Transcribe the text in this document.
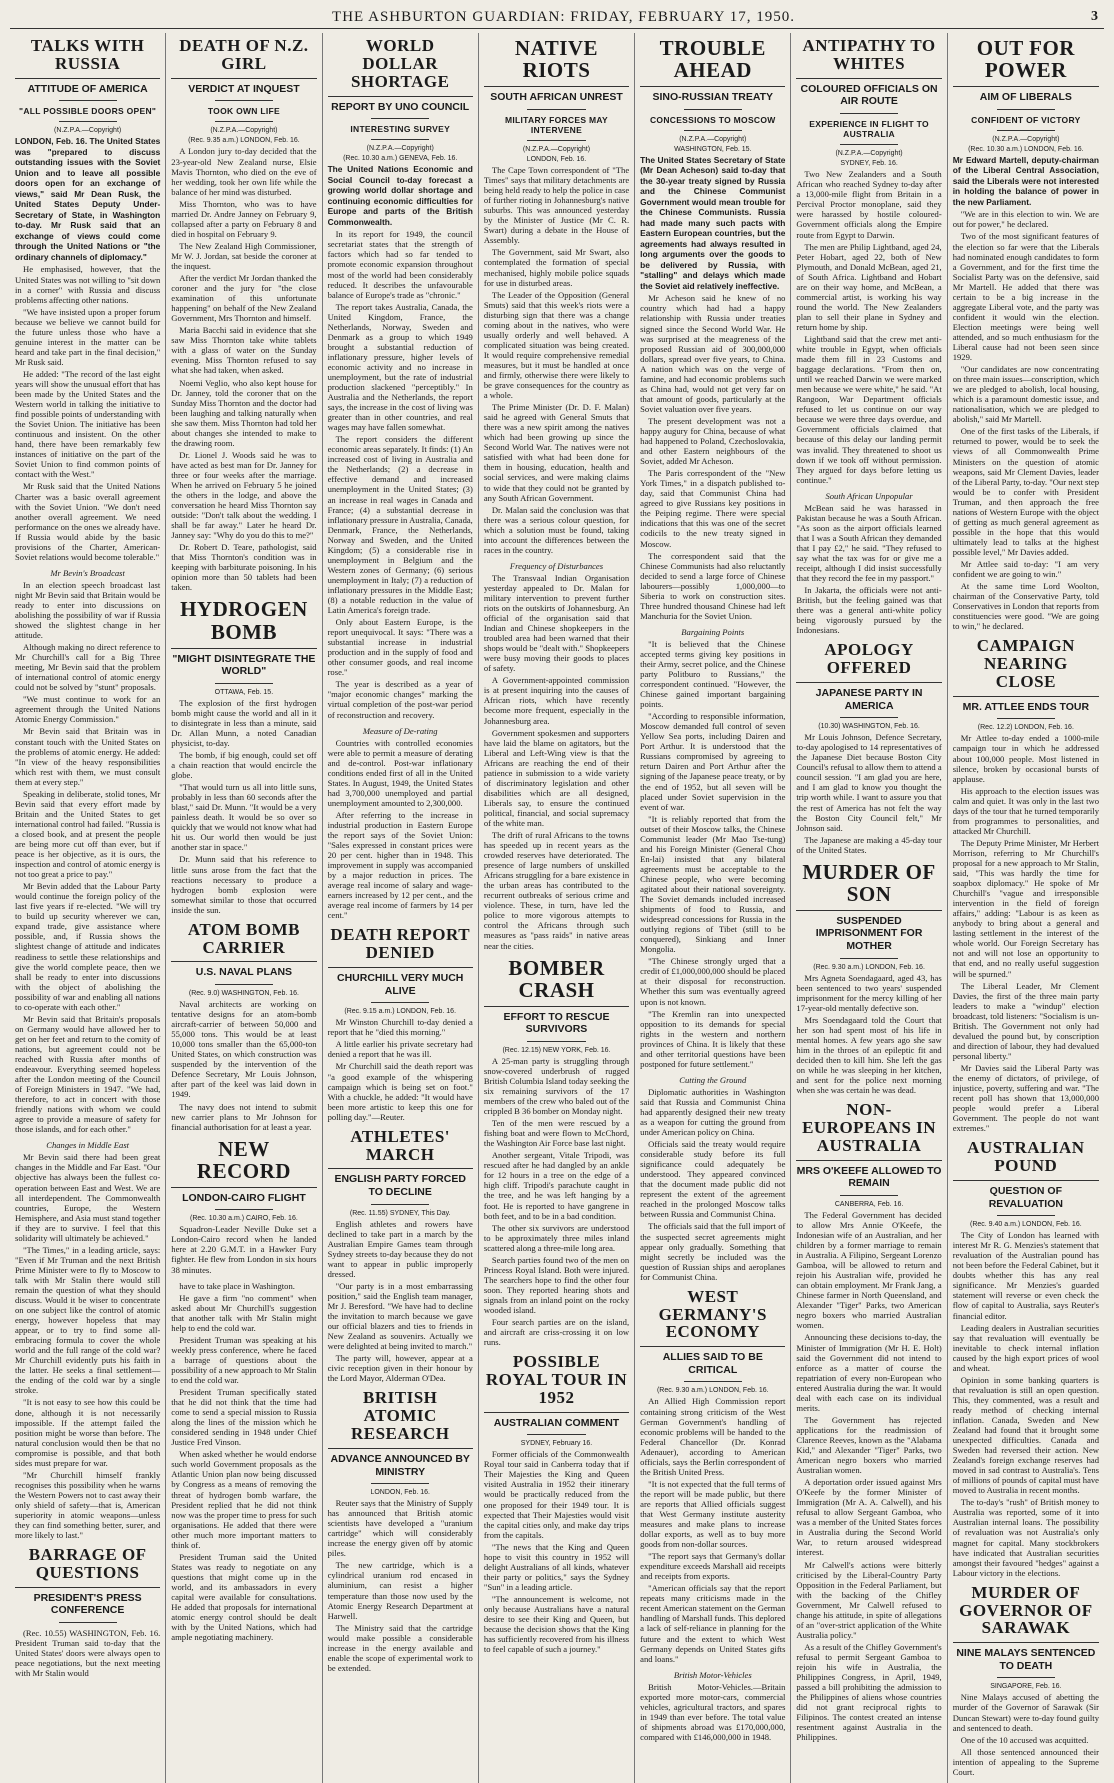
THE ASHBURTON GUARDIAN: FRIDAY, FEBRUARY 17, 1950.	3
TALKS WITH RUSSIA
ATTITUDE OF AMERICA
"ALL POSSIBLE DOORS OPEN"
(N.Z.P.A.—Copyright)

LONDON, Feb. 16. The United States was "prepared to discuss outstanding issues with the Soviet Union and to leave all possible doors open for an exchange of views," said Mr Dean Rusk, the United States Deputy Under-Secretary of State, in Washington to-day. Mr Rusk said that an exchange of views could come through the United Nations or "the ordinary channels of diplomacy."

He emphasised, however, that the United States was not willing to "sit down in a corner" with Russia and discuss problems affecting other nations.

"We have insisted upon a proper forum because we believe we cannot build for the future unless those who have a genuine interest in the matter can be heard and take part in the final decision," Mr Rusk said.

He added: "The record of the last eight years will show the unusual effort that has been made by the United States and the Western world in talking the initiative to find possible points of understanding with the Soviet Union. The initiative has been continuous and insistent. On the other hand, there have been remarkably few instances of initiative on the part of the Soviet Union to find common points of contact with the West."

Mr Rusk said that the United Nations Charter was a basic overall agreement with the Soviet Union. "We don't need another overall agreement. We need performance on the ones we already have. If Russia would abide by the basic provisions of the Charter, American-Soviet relations would become tolerable."

Mr Bevin's Broadcast

In an election speech broadcast last night Mr Bevin said that Britain would be ready to enter into discussions on abolishing the possibility of war if Russia showed the slightest change in her attitude.

Although making no direct reference to Mr Churchill's call for a Big Three meeting, Mr Bevin said that the problem of international control of atomic energy could not be solved by "stunt" proposals.

"We must continue to work for an agreement through the United Nations Atomic Energy Commission."

Mr Bevin said that Britain was in constant touch with the United States on the problems of atomic energy. He added: "In view of the heavy responsibilities which rest with them, we must consult them at every step."

Speaking in deliberate, stolid tones, Mr Bevin said that every effort made by Britain and the United States to get international control had failed. "Russia is a closed book, and at present the people are being more cut off than ever, but if peace is her objective, as it is ours, the inspection and control of atomic energy is not too great a price to pay."

Mr Bevin added that the Labour Party would continue the foreign policy of the last five years if re-elected. "We will try to build up security wherever we can, expand trade, give assistance where possible, and, if Russia shows the slightest change of attitude and indicates readiness to settle these relationships and give the world complete peace, then we shall be ready to enter into discussions with the object of abolishing the possibility of war and enabling all nations to co-operate with each other."

Mr Bevin said that Britain's proposals on Germany would have allowed her to get on her feet and return to the comity of nations, but agreement could not be reached with Russia after months of endeavour. Everything seemed hopeless after the London meeting of the Council of Foreign Ministers in 1947. "We had, therefore, to act in concert with those friendly nations with whom we could agree to provide a measure of safety for those islands, and for each other."

Changes in Middle East

Mr Bevin said there had been great changes in the Middle and Far East. "Our objective has always been the fullest co-operation between East and West. We are all interdependent. The Commonwealth countries, Europe, the Western Hemisphere, and Asia must stand together if they are to survive. I feel that this solidarity will ultimately be achieved."

"The Times," in a leading article, says: "Even if Mr Truman and the next British Prime Minister were to fly to Moscow to talk with Mr Stalin there would still remain the question of what they should discuss. Would it be wiser to concentrate on one subject like the control of atomic energy, however hopeless that may appear, or to try to find some all-embracing formula to cover the whole world and the full range of the cold war? Mr Churchill evidently puts his faith in the latter. He seeks a final settlement—the ending of the cold war by a single stroke.

"It is not easy to see how this could be done, although it is not necessarily impossible. If the attempt failed the position might be worse than before. The natural conclusion would then be that no compromise is possible, and that both sides must prepare for war.

"Mr Churchill himself frankly recognises this possibility when he warns the Western Powers not to cast away their only shield of safety—that is, American superiority in atomic weapons—unless they can find something better, surer, and more likely to last."

BARRAGE OF QUESTIONS
PRESIDENT'S PRESS CONFERENCE

(Rec. 10.55) WASHINGTON, Feb. 16. President Truman said to-day that the United States' doors were always open to peace negotiations, but the next meeting with Mr Stalin would

DEATH OF N.Z. GIRL
VERDICT AT INQUEST
TOOK OWN LIFE
(N.Z.P.A.—Copyright)
(Rec. 9.35 a.m.) LONDON, Feb. 16.

A London jury to-day decided that the 23-year-old New Zealand nurse, Elsie Mavis Thornton, who died on the eve of her wedding, took her own life while the balance of her mind was disturbed.

Miss Thornton, who was to have married Dr. Andre Janney on February 9, collapsed after a party on February 8 and died in hospital on February 9.

The New Zealand High Commissioner, Mr W. J. Jordan, sat beside the coroner at the inquest.

After the verdict Mr Jordan thanked the coroner and the jury for "the close examination of this unfortunate happening" on behalf of the New Zealand Government, Mrs Thornton and himself.

Maria Bacchi said in evidence that she saw Miss Thornton take white tablets with a glass of water on the Sunday evening. Miss Thornton refused to say what she had taken, when asked.

Noemi Veglio, who also kept house for Dr. Janney, told the coroner that on the Sunday Miss Thornton and the doctor had been laughing and talking naturally when she saw them. Miss Thornton had told her about changes she intended to make to the drawing room.

Dr. Lionel J. Woods said he was to have acted as best man for Dr. Janney for three or four weeks after the marriage. When he arrived on February 5 he joined the others in the lodge, and above the conversation he heard Miss Thornton say outside: "Don't talk about the wedding. I shall be far away." Later he heard Dr. Janney say: "Why do you do this to me?"

Dr. Robert D. Teare, pathologist, said that Miss Thornton's condition was in keeping with barbiturate poisoning. In his opinion more than 50 tablets had been taken.

HYDROGEN BOMB
"MIGHT DISINTEGRATE THE WORLD"
OTTAWA, Feb. 15.

The explosion of the first hydrogen bomb might cause the world and all in it to disintegrate in less than a minute, said Dr. Allan Munn, a noted Canadian physicist, to-day.

The bomb, if big enough, could set off a chain reaction that would encircle the globe.

"That would turn us all into little suns, probably in less than 60 seconds after the blast," said Dr. Munn. "It would be a very painless death. It would be so over so quickly that we would not know what had hit us. Our world then would be just another star in space."

Dr. Munn said that his reference to little suns arose from the fact that the reactions necessary to produce a hydrogen bomb explosion were somewhat similar to those that occurred inside the sun.

ATOM BOMB CARRIER
U.S. NAVAL PLANS
(Rec. 9.0) WASHINGTON, Feb. 16.

Naval architects are working on tentative designs for an atom-bomb aircraft-carrier of between 50,000 and 55,000 tons. This would be at least 10,000 tons smaller than the 65,000-ton United States, on which construction was suspended by the intervention of the Defence Secretary, Mr Louis Johnson, after part of the keel was laid down in 1949.

The navy does not intend to submit new carrier plans to Mr Johnson for financial authorisation for at least a year.

NEW RECORD
LONDON-CAIRO FLIGHT
(Rec. 10.30 a.m.) CAIRO, Feb. 16.

Squadron-Leader Neville Duke set a London-Cairo record when he landed here at 2.20 G.M.T. in a Hawker Fury fighter. He flew from London in six hours 38 minutes.

have to take place in Washington.

He gave a firm "no comment" when asked about Mr Churchill's suggestion that another talk with Mr Stalin might help to end the cold war.

President Truman was speaking at his weekly press conference, where he faced a barrage of questions about the possibility of a new approach to Mr Stalin to end the cold war.

President Truman specifically stated that he did not think that the time had come to send a special mission to Russia along the lines of the mission which he considered sending in 1948 under Chief Justice Fred Vinson.

When asked whether he would endorse such world Government proposals as the Atlantic Union plan now being discussed by Congress as a means of removing the threat of hydrogen bomb warfare, the President replied that he did not think now was the proper time to press for such organisations. He added that there were other much more important matters to think of.

President Truman said the United States was ready to negotiate on any questions that might come up in the world, and its ambassadors in every capital were available for consultations. He added that proposals for international atomic energy control should be dealt with by the United Nations, which had ample negotiating machinery.

WORLD DOLLAR SHORTAGE
REPORT BY UNO COUNCIL
INTERESTING SURVEY
(N.Z.P.A.—Copyright)
(Rec. 10.30 a.m.) GENEVA, Feb. 16.

The United Nations Economic and Social Council to-day forecast a growing world dollar shortage and continuing economic difficulties for Europe and parts of the British Commonwealth.

In its report for 1949, the council secretariat states that the strength of factors which had so far tended to promote economic expansion throughout most of the world had been considerably reduced. It describes the unfavourable balance of Europe's trade as "chronic."

The report takes Australia, Canada, the United Kingdom, France, the Netherlands, Norway, Sweden and Denmark as a group to which 1949 brought a substantial reduction of inflationary pressure, higher levels of economic activity and no increase in unemployment, but the rate of industrial production slackened "perceptibly." In Australia and the Netherlands, the report says, the increase in the cost of living was greater than in other countries, and real wages may have fallen somewhat.

The report considers the different economic areas separately. It finds: (1) An increased cost of living in Australia and the Netherlands; (2) a decrease in effective demand and increased unemployment in the United States; (3) an increase in real wages in Canada and France; (4) a substantial decrease in inflationary pressure in Australia, Canada, Denmark, France, the Netherlands, Norway and Sweden, and the United Kingdom; (5) a considerable rise in unemployment in Belgium and the Western zones of Germany; (6) serious unemployment in Italy; (7) a reduction of inflationary pressures in the Middle East; (8) a notable reduction in the value of Latin America's foreign trade.

Only about Eastern Europe, is the report unequivocal. It says: "There was a substantial increase in industrial production and in the supply of food and other consumer goods, and real income rose."

The year is described as a year of "major economic changes" marking the virtual completion of the post-war period of reconstruction and recovery.

Measure of De-rating

Countries with controlled economies were able to permit a measure of derating and de-control. Post-war inflationary conditions ended first of all in the United States. In August, 1949, the United States had 3,700,000 unemployed and partial unemployment amounted to 2,300,000.

After referring to the increase in industrial production in Eastern Europe the report says of the Soviet Union: "Sales expressed in constant prices were 20 per cent. higher than in 1948. This improvement in supply was accompanied by a major reduction in prices. The average real income of salary and wage-earners increased by 12 per cent., and the average real income of farmers by 14 per cent."

DEATH REPORT DENIED
CHURCHILL VERY MUCH ALIVE
(Rec. 9.15 a.m.) LONDON, Feb. 16.

Mr Winston Churchill to-day denied a report that he "died this morning."

A little earlier his private secretary had denied a report that he was ill.

Mr Churchill said the death report was "a good example of the whispering campaign which is being set on foot." With a chuckle, he added: "It would have been more artistic to keep this one for polling day."—Reuter.

ATHLETES' MARCH
ENGLISH PARTY FORCED TO DECLINE
(Rec. 11.55) SYDNEY, This Day.

English athletes and rowers have declined to take part in a march by the Australian Empire Games team through Sydney streets to-day because they do not want to appear in public improperly dressed.

"Our party is in a most embarrassing position," said the English team manager, Mr J. Beresford. "We have had to decline the invitation to march because we gave our official blazers and ties to friends in New Zealand as souvenirs. Actually we were delighted at being invited to march."

The party will, however, appear at a civic reception given in their honour by the Lord Mayor, Alderman O'Dea.

BRITISH ATOMIC RESEARCH
ADVANCE ANNOUNCED BY MINISTRY
LONDON, Feb. 16.

Reuter says that the Ministry of Supply has announced that British atomic scientists have developed a "uranium cartridge" which will considerably increase the energy given off by atomic piles.

The new cartridge, which is a cylindrical uranium rod encased in aluminium, can resist a higher temperature than those now used by the Atomic Energy Research Department at Harwell.

The Ministry said that the cartridge would make possible a considerable increase in the energy available and enable the scope of experimental work to be extended.

NATIVE RIOTS
SOUTH AFRICAN UNREST
MILITARY FORCES MAY INTERVENE
(N.Z.P.A.—Copyright)
LONDON, Feb. 16.

The Cape Town correspondent of "The Times" says that military detachments are being held ready to help the police in case of further rioting in Johannesburg's native suburbs. This was announced yesterday by the Minister of Justice (Mr C. R. Swart) during a debate in the House of Assembly.

The Government, said Mr Swart, also contemplated the formation of special mechanised, highly mobile police squads for use in disturbed areas.

The Leader of the Opposition (General Smuts) said that this week's riots were a disturbing sign that there was a change coming about in the natives, who were usually orderly and well behaved. A complicated situation was being created. It would require comprehensive remedial measures, but it must be handled at once and firmly, otherwise there were likely to be grave consequences for the country as a whole.

The Prime Minister (Dr. D. F. Malan) said he agreed with General Smuts that there was a new spirit among the natives which had been growing up since the Second World War. The natives were not satisfied with what had been done for them in housing, education, health and social services, and were making claims to wide that they could not be granted by any South African Government.

Dr. Malan said the conclusion was that there was a serious colour question, for which a solution must be found, taking into account the differences between the races in the country.

Frequency of Disturbances

The Transvaal Indian Organisation yesterday appealed to Dr. Malan for military intervention to prevent further riots on the outskirts of Johannesburg. An official of the organisation said that Indian and Chinese shopkeepers in the troubled area had been warned that their shops would be "dealt with." Shopkeepers were busy moving their goods to places of safety.

A Government-appointed commission is at present inquiring into the causes of African riots, which have recently become more frequent, especially in the Johannesburg area.

Government spokesmen and supporters have laid the blame on agitators, but the Liberal and Left-Wing view is that the Africans are reaching the end of their patience in submission to a wide variety of discriminatory legislation and other disabilities which are all designed, Liberals say, to ensure the continued political, financial, and social supremacy of the white man.

The drift of rural Africans to the towns has speeded up in recent years as the crowded reserves have deteriorated. The presence of large numbers of unskilled Africans struggling for a bare existence in the urban areas has contributed to the recurrent outbreaks of serious crime and violence. These, in turn, have led the police to more vigorous attempts to control the Africans through such measures as "pass raids" in native areas near the cities.

BOMBER CRASH
EFFORT TO RESCUE SURVIVORS
(Rec. 12.15) NEW YORK, Feb. 16.

A 25-man party is struggling through snow-covered underbrush of rugged British Columbia Island today seeking the six remaining survivors of the 17 members of the crew who baled out of the crippled B 36 bomber on Monday night.

Ten of the men were rescued by a fishing boat and were flown to McChord, the Washington Air Force base last night.

Another sergeant, Vitale Tripodi, was rescued after he had dangled by an ankle for 12 hours in a tree on the edge of a high cliff. Tripodi's parachute caught in the tree, and he was left hanging by a foot. He is reported to have gangrene in both feet, and to be in a bad condition.

The other six survivors are understood to be approximately three miles inland scattered along a three-mile long area.

Search parties found two of the men on Princess Royal Island. Both were injured. The searchers hope to find the other four soon. They reported hearing shots and signals from an inland point on the rocky wooded island.

Four search parties are on the island, and aircraft are criss-crossing it on low runs.

POSSIBLE ROYAL TOUR IN 1952
AUSTRALIAN COMMENT
SYDNEY, February 16.

Former officials of the Commonwealth Royal tour said in Canberra today that if Their Majesties the King and Queen visited Australia in 1952 their itinerary would be practically reduced from the one proposed for their 1949 tour. It is expected that Their Majesties would visit the capital cities only, and make day trips from the capitals.

"The news that the King and Queen hope to visit this country in 1952 will delight Australians of all kinds, whatever their party or politics," says the Sydney "Sun" in a leading article.

"The announcement is welcome, not only because Australians have a natural desire to see their King and Queen, but because the decision shows that the King has sufficiently recovered from his illness to feel capable of such a journey."

TROUBLE AHEAD
SINO-RUSSIAN TREATY
CONCESSIONS TO MOSCOW
(N.Z.P.A.—Copyright)
WASHINGTON, Feb. 15.

The United States Secretary of State (Mr Dean Acheson) said to-day that the 30-year treaty signed by Russia and the Chinese Communist Government would mean trouble for the Chinese Communists. Russia had made many such pacts with Eastern European countries, but the agreements had always resulted in long arguments over the goods to be delivered by Russia, with "stalling" and delays which made the Soviet aid relatively ineffective.

Mr Acheson said he knew of no country which had had a happy relationship with Russia under treaties signed since the Second World War. He was surprised at the meagreness of the proposed Russian aid of 300,000,000 dollars, spread over five years, to China. A nation which was on the verge of famine, and had economic problems such as China had, would not get very far on that amount of goods, particularly at the Soviet valuation over five years.

The present development was not a happy augury for China, because of what had happened to Poland, Czechoslovakia, and other Eastern neighbours of the Soviet, added Mr Acheson.

The Paris correspondent of the "New York Times," in a dispatch published to-day, said that Communist China had agreed to give Russians key positions in the Peiping regime. There were special indications that this was one of the secret codicils to the new treaty signed in Moscow.

The correspondent said that the Chinese Communists had also reluctantly decided to send a large force of Chinese labourers—possibly 1,000,000—to Siberia to work on construction sites. Three hundred thousand Chinese had left Manchuria for the Soviet Union.

Bargaining Points

"It is believed that the Chinese accepted terms giving key positions in their Army, secret police, and the Chinese party Politburo to Russians," the correspondent continued. "However, the Chinese gained important bargaining points.

"According to responsible information, Moscow demanded full control of seven Yellow Sea ports, including Dairen and Port Arthur. It is understood that the Russians compromised by agreeing to return Dairen and Port Arthur after the signing of the Japanese peace treaty, or by the end of 1952, but all seven will be placed under Soviet supervision in the event of war.

"It is reliably reported that from the outset of their Moscow talks, the Chinese Communist leader (Mr Mao Tse-tung) and his Foreign Minister (General Chou En-lai) insisted that any bilateral agreements must be acceptable to the Chinese people, who were becoming agitated about their national sovereignty. The Soviet demands included increased shipments of food to Russia, and widespread concessions for Russia in the outlying regions of Tibet (still to be conquered), Sinkiang and Inner Mongolia.

"The Chinese strongly urged that a credit of £1,000,000,000 should be placed at their disposal for reconstruction. Whether this sum was eventually agreed upon is not known.

"The Kremlin ran into unexpected opposition to its demands for special rights in the western and northern provinces of China. It is likely that these and other territorial questions have been postponed for future settlement."

Cutting the Ground

Diplomatic authorities in Washington said that Russia and Communist China had apparently designed their new treaty as a weapon for cutting the ground from under American policy on China.

Officials said the treaty would require considerable study before its full significance could adequately be understood. They appeared convinced that the document made public did not represent the extent of the agreement reached in the prolonged Moscow talks between Russia and Communist China.

The officials said that the full import of the suspected secret agreements might appear only gradually. Something that might secretly be included was the question of Russian ships and aeroplanes for Communist China.

WEST GERMANY'S ECONOMY
ALLIES SAID TO BE CRITICAL
(Rec. 9.30 a.m.) LONDON, Feb. 16.

An Allied High Commission report containing strong criticism of the West German Government's handling of economic problems will be handed to the Federal Chancellor (Dr. Konrad Adenauer), according to American officials, says the Berlin correspondent of the British United Press.

"It is not expected that the full terms of the report will be made public, but there are reports that Allied officials suggest that West Germany institute austerity measures and make plans to increase dollar exports, as well as to buy more goods from non-dollar sources.

"The report says that Germany's dollar expenditure exceeds Marshall aid receipts and receipts from exports.

"American officials say that the report repeats many criticisms made in the recent American statement on the German handling of Marshall funds. This deplored a lack of self-reliance in planning for the future and the extent to which West Germany depends on United States gifts and loans."

British Motor-Vehicles

British Motor-Vehicles.—Britain exported more motor-cars, commercial vehicles, agricultural tractors, and spares in 1949 than ever before. The total value of shipments abroad was £170,000,000, compared with £146,000,000 in 1948.

ANTIPATHY TO WHITES
COLOURED OFFICIALS ON AIR ROUTE
EXPERIENCE IN FLIGHT TO AUSTRALIA
(N.Z.P.A.—Copyright)
SYDNEY, Feb. 16.

Two New Zealanders and a South African who reached Sydney to-day after a 13,000-mile flight from Britain in a Percival Proctor monoplane, said they were harassed by hostile coloured-Government officials along the Empire route from Egypt to Darwin.

The men are Philip Lightband, aged 24, Peter Hobart, aged 22, both of New Plymouth, and Donald McBean, aged 21, of South Africa. Lightband and Hobart are on their way home, and McBean, a commercial artist, is working his way round the world. The New Zealanders plan to sell their plane in Sydney and return home by ship.

Lightband said that the crew met anti-white trouble in Egypt, when officials made them fill in 23 Customs and baggage declarations. "From then on, until we reached Darwin we were marked men because we were white," he said. "At Rangoon, War Department officials refused to let us continue on our way because we were three days overdue, and Government officials claimed that because of this delay our landing permit was invalid. They threatened to shoot us down if we took off without permission. They argued for days before letting us continue."

South African Unpopular

McBean said he was harassed in Pakistan because he was a South African. "As soon as the airport officials learned that I was a South African they demanded that I pay £2," he said. "They refused to say what the tax was for or give me a receipt, although I did insist successfully that they record the fee in my passport."

In Jakarta, the officials were not anti-British, but the feeling gained was that there was a general anti-white policy being vigorously pursued by the Indonesians.

APOLOGY OFFERED
JAPANESE PARTY IN AMERICA
(10.30) WASHINGTON, Feb. 16.

Mr Louis Johnson, Defence Secretary, to-day apologised to 14 representatives of the Japanese Diet because Boston City Council's refusal to allow them to attend a council session. "I am glad you are here, and I am glad to know you thought the trip worth while. I want to assure you that the rest of America has not felt the way the Boston City Council felt," Mr Johnson said.

The Japanese are making a 45-day tour of the United States.

MURDER OF SON
SUSPENDED IMPRISONMENT FOR MOTHER
(Rec. 9.30 a.m.) LONDON, Feb. 16.

Mrs Agneta Soendagaard, aged 43, has been sentenced to two years' suspended imprisonment for the mercy killing of her 17-year-old mentally defective son.

Mrs Soendagaard told the Court that her son had spent most of his life in mental homes. A few years ago she saw him in the throes of an epileptic fit and decided then to kill him. She left the gas on while he was sleeping in her kitchen, and sent for the police next morning when she was certain he was dead.

NON-EUROPEANS IN AUSTRALIA
MRS O'KEEFE ALLOWED TO REMAIN
CANBERRA, Feb. 16.

The Federal Government has decided to allow Mrs Annie O'Keefe, the Indonesian wife of an Australian, and her children by a former marriage to remain in Australia. A Filipino, Sergeant Lorenzo Gamboa, will be allowed to return and rejoin his Australian wife, provided he can obtain employment. Mr Frank Jang, a Chinese farmer in North Queensland, and Alexander "Tiger" Parks, two American negro boxers who married Australian women.

Announcing these decisions to-day, the Minister of Immigration (Mr H. E. Holt) said the Government did not intend to enforce as a matter of course the repatriation of every non-European who entered Australia during the war. It would deal with each case on its individual merits.

The Government has rejected applications for the readmission of Clarence Reeves, known as the "Alabama Kid," and Alexander "Tiger" Parks, two American negro boxers who married Australian women.

A deportation order issued against Mrs O'Keefe by the former Minister of Immigration (Mr A. A. Calwell), and his refusal to allow Sergeant Gamboa, who was a member of the United States forces in Australia during the Second World War, to return aroused widespread interest.

Mr Calwell's actions were bitterly criticised by the Liberal-Country Party Opposition in the Federal Parliament, but with the backing of the Chifley Government, Mr Calwell refused to change his attitude, in spite of allegations of an "over-strict application of the White Australia policy."

As a result of the Chifley Government's refusal to permit Sergeant Gamboa to rejoin his wife in Australia, the Philippines Congress, in April, 1949, passed a bill prohibiting the admission to the Philippines of aliens whose countries did not grant reciprocal rights to Filipinos. The contest created an intense resentment against Australia in the Philippines.

OUT FOR POWER
AIM OF LIBERALS
CONFIDENT OF VICTORY
(N.Z.P.A.—Copyright)
(Rec. 10.30 a.m.) LONDON, Feb. 16.

Mr Edward Martell, deputy-chairman of the Liberal Central Association, said the Liberals were not interested in holding the balance of power in the new Parliament.

"We are in this election to win. We are out for power," he declared.

Two of the most significant features of the election so far were that the Liberals had nominated enough candidates to form a Government, and for the first time the Socialist Party was on the defensive, said Mr Martell. He added that there was certain to be a big increase in the aggregate Liberal vote, and the party was confident it would win the election. Election meetings were being well attended, and so much enthusiasm for the Liberal cause had not been seen since 1929.

"Our candidates are now concentrating on three main issues—conscription, which we are pledged to abolish, local housing, which is a paramount domestic issue, and nationalisation, which we are pledged to abolish," said Mr Martell.

One of the first tasks of the Liberals, if returned to power, would be to seek the views of all Commonwealth Prime Ministers on the question of atomic weapons, said Mr Clement Davies, leader of the Liberal Party, to-day. "Our next step would be to confer with President Truman, and then approach the free nations of Western Europe with the object of getting as much general agreement as possible in the hope that this would ultimately lead to talks at the highest possible level," Mr Davies added.

Mr Attlee said to-day: "I am very confident we are going to win."

At the same time Lord Woolton, chairman of the Conservative Party, told Conservatives in London that reports from constituencies were good. "We are going to win," he declared.

CAMPAIGN NEARING CLOSE
MR. ATTLEE ENDS TOUR
(Rec. 12.2) LONDON, Feb. 16.

Mr Attlee to-day ended a 1000-mile campaign tour in which he addressed about 100,000 people. Most listened in silence, broken by occasional bursts of applause.

His approach to the election issues was calm and quiet. It was only in the last two days of the tour that he turned temporarily from programmes to personalities, and attacked Mr Churchill.

The Deputy Prime Minister, Mr Herbert Morrison, referring to Mr Churchill's proposal for a new approach to Mr Stalin, said, "This was hardly the time for soapbox diplomacy." He spoke of Mr Churchill's "vague and irresponsible intervention in the field of foreign affairs," adding: "Labour is as keen as anybody to bring about a general and lasting settlement in the interest of the whole world. Our Foreign Secretary has not and will not lose an opportunity to that end, and no really useful suggestion will be spurned."

The Liberal Leader, Mr Clement Davies, the first of the three main party leaders to make a "windup" election broadcast, told listeners: "Socialism is un-British. The Government not only had devalued the pound but, by conscription and direction of labour, they had devalued personal liberty."

Mr Davies said the Liberal Party was the enemy of dictators, of privilege, of injustice, poverty, suffering and war. "The recent poll has shown that 13,000,000 people would prefer a Liberal Government. The people do not want extremes."

AUSTRALIAN POUND
QUESTION OF REVALUATION
(Rec. 9.40 a.m.) LONDON, Feb. 16.

The City of London has learned with interest Mr R. G. Menzies's statement that revaluation of the Australian pound has not been before the Federal Cabinet, but it doubts whether this has any real significance. Mr Menzies's guarded statement will reverse or even check the flow of capital to Australia, says Reuter's financial editor.

Leading dealers in Australian securities say that revaluation will eventually be inevitable to check internal inflation caused by the high export prices of wool and wheat.

Opinion in some banking quarters is that revaluation is still an open question. This, they commented, was a result and ready method of checking internal inflation. Canada, Sweden and New Zealand had found that it brought some unexpected difficulties. Canada and Sweden had reversed their action. New Zealand's foreign exchange reserves had moved in sad contrast to Australia's. Tens of millions of pounds of capital must have moved to Australia in recent months.

The to-day's "rush" of British money to Australia was reported, some of it into Australian internal loans. The possibility of revaluation was not Australia's only magnet for capital. Many stockbrokers have indicated that Australian securities amongst their favoured "hedges" against a Labour victory in the elections.

MURDER OF GOVERNOR OF SARAWAK
NINE MALAYS SENTENCED TO DEATH
SINGAPORE, Feb. 16.

Nine Malays accused of abetting the murder of the Governor of Sarawak (Sir Duncan Stewart) were to-day found guilty and sentenced to death.

One of the 10 accused was acquitted.

All those sentenced announced their intention of appealing to the Supreme Court.
